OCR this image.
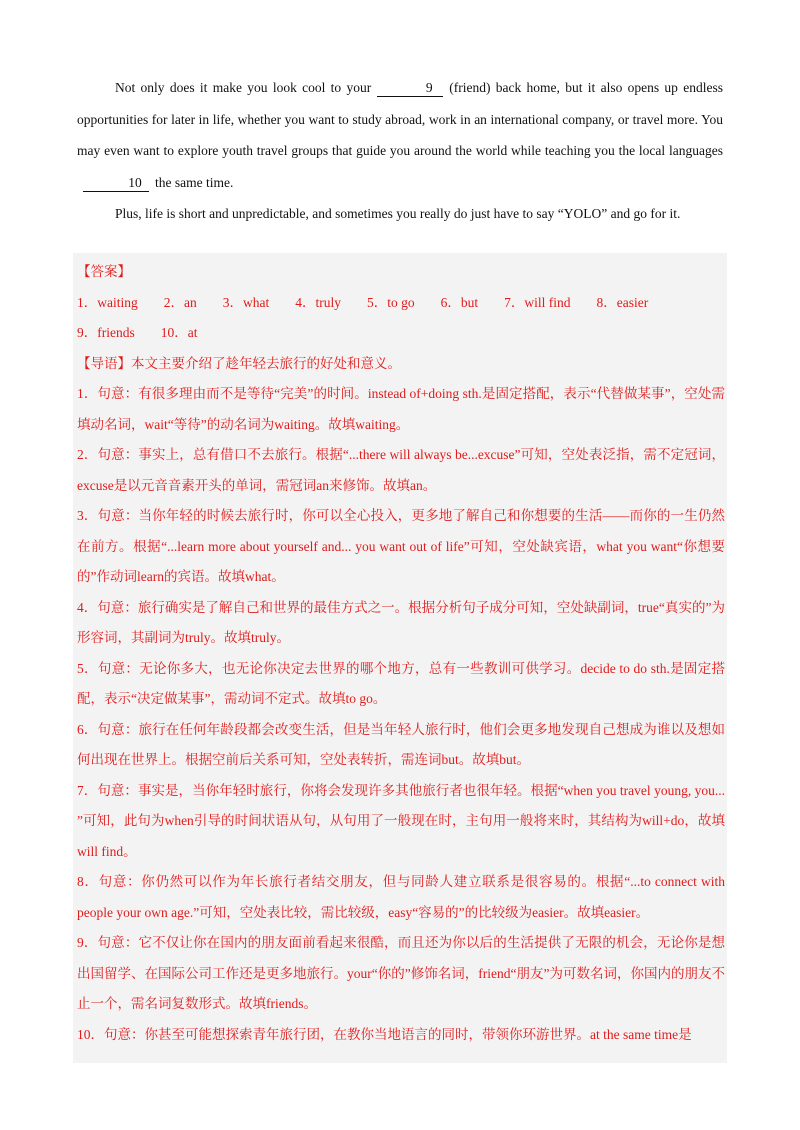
Not only does it make you look cool to your	9 (friend) back home, but it also opens up endless opportunities for later in life, whether you want to study abroad, work in an international company, or travel more. You may even want to explore youth travel groups that guide you around the world while teaching you the local languages10 the same time.

Plus, life is short and unpredictable, and sometimes you really do just have to say “YOLO” and go for it.

【答案】

1．waiting 2．an 3．what 4．truly 5．to go 6．but 7．will find 8．easier

9．friends 10．at

【导语】本文主要介绍了趁年轻去旅行的好处和意义。

1．句意：有很多理由而不是等待“完美”的时间。instead of+doing sth.是固定搭配，表示“代替做某事”，空处需填动名词，wait“等待”的动名词为waiting。故填waiting。

2．句意：事实上，总有借口不去旅行。根据“...there will always be...excuse”可知，空处表泛指，需不定冠词，excuse是以元音音素开头的单词，需冠词an来修饰。故填an。

3．句意：当你年轻的时候去旅行时，你可以全心投入，更多地了解自己和你想要的生活——而你的一生仍然在前方。根据“...learn more about yourself and... you want out of life”可知，空处缺宾语，what you want“你想要的”作动词learn的宾语。故填what。

4．句意：旅行确实是了解自己和世界的最佳方式之一。根据分析句子成分可知，空处缺副词，true“真实的”为形容词，其副词为truly。故填truly。

5．句意：无论你多大，也无论你决定去世界的哪个地方，总有一些教训可供学习。decide to do sth.是固定搭配，表示“决定做某事”，需动词不定式。故填to go。

6．句意：旅行在任何年龄段都会改变生活，但是当年轻人旅行时，他们会更多地发现自己想成为谁以及想如何出现在世界上。根据空前后关系可知，空处表转折，需连词but。故填but。

7．句意：事实是，当你年轻时旅行，你将会发现许多其他旅行者也很年轻。根据“when you travel young, you... ”可知，此句为when引导的时间状语从句，从句用了一般现在时，主句用一般将来时，其结构为will+do，故填will find。

8．句意：你仍然可以作为年长旅行者结交朋友，但与同龄人建立联系是很容易的。根据“...to connect with people your own age.”可知，空处表比较，需比较级，easy“容易的”的比较级为easier。故填easier。

9．句意：它不仅让你在国内的朋友面前看起来很酷，而且还为你以后的生活提供了无限的机会，无论你是想出国留学、在国际公司工作还是更多地旅行。your“你的”修饰名词，friend“朋友”为可数名词，你国内的朋友不止一个，需名词复数形式。故填friends。

10．句意：你甚至可能想探索青年旅行团，在教你当地语言的同时，带领你环游世界。at the same time是
